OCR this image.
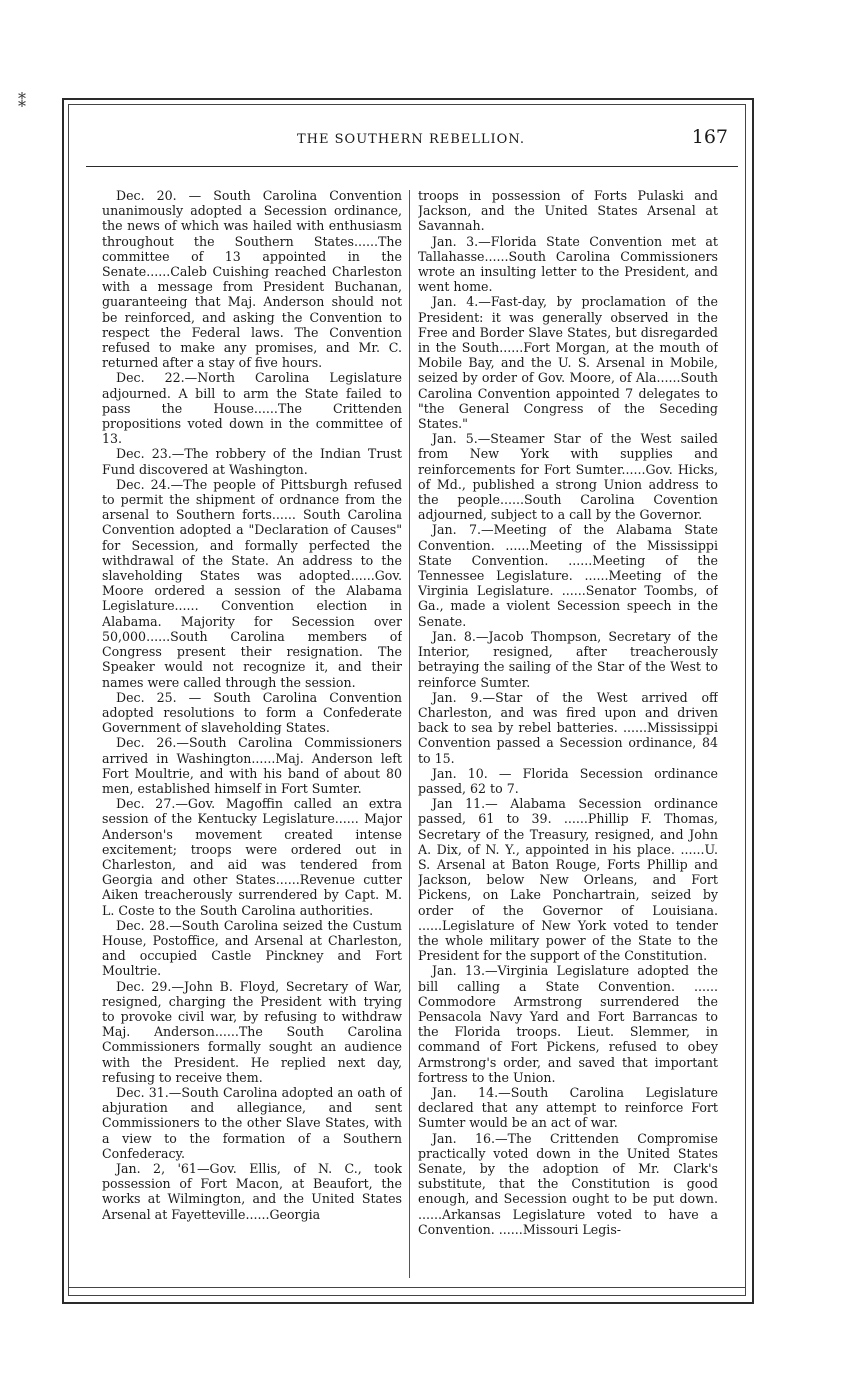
⁑
THE SOUTHERN REBELLION.	167

Dec. 20. — South Carolina Convention unanimously adopted a Secession ordinance, the news of which was hailed with enthusiasm throughout the Southern States......The committee of 13 appointed in the Senate......Caleb Cuishing reached Charleston with a message from President Buchanan, guaranteeing that Maj. Anderson should not be reinforced, and asking the Convention to respect the Federal laws. The Convention refused to make any promises, and Mr. C. returned after a stay of five hours.

Dec. 22.—North Carolina Legislature adjourned. A bill to arm the State failed to pass the House......The Crittenden propositions voted down in the committee of 13.

Dec. 23.—The robbery of the Indian Trust Fund discovered at Washington.

Dec. 24.—The people of Pittsburgh refused to permit the shipment of ordnance from the arsenal to Southern forts...... South Carolina Convention adopted a "Declaration of Causes" for Secession, and formally perfected the withdrawal of the State. An address to the slaveholding States was adopted......Gov. Moore ordered a session of the Alabama Legislature...... Convention election in Alabama. Majority for Secession over 50,000......South Carolina members of Congress present their resignation. The Speaker would not recognize it, and their names were called through the session.

Dec. 25. — South Carolina Convention adopted resolutions to form a Confederate Government of slaveholding States.

Dec. 26.—South Carolina Commissioners arrived in Washington......Maj. Anderson left Fort Moultrie, and with his band of about 80 men, established himself in Fort Sumter.

Dec. 27.—Gov. Magoffin called an extra session of the Kentucky Legislature...... Major Anderson's movement created intense excitement; troops were ordered out in Charleston, and aid was tendered from Georgia and other States......Revenue cutter Aiken treacherously surrendered by Capt. M. L. Coste to the South Carolina authorities.

Dec. 28.—South Carolina seized the Custum House, Postoffice, and Arsenal at Charleston, and occupied Castle Pinckney and Fort Moultrie.

Dec. 29.—John B. Floyd, Secretary of War, resigned, charging the President with trying to provoke civil war, by refusing to withdraw Maj. Anderson......The South Carolina Commissioners formally sought an audience with the President. He replied next day, refusing to receive them.

Dec. 31.—South Carolina adopted an oath of abjuration and allegiance, and sent Commissioners to the other Slave States, with a view to the formation of a Southern Confederacy.

Jan. 2, '61—Gov. Ellis, of N. C., took possession of Fort Macon, at Beaufort, the works at Wilmington, and the United States Arsenal at Fayetteville......Georgia

troops in possession of Forts Pulaski and Jackson, and the United States Arsenal at Savannah.

Jan. 3.—Florida State Convention met at Tallahasse......South Carolina Commissioners wrote an insulting letter to the President, and went home.

Jan. 4.—Fast-day, by proclamation of the President: it was generally observed in the Free and Border Slave States, but disregarded in the South......Fort Morgan, at the mouth of Mobile Bay, and the U. S. Arsenal in Mobile, seized by order of Gov. Moore, of Ala......South Carolina Convention appointed 7 delegates to "the General Congress of the Seceding States."

Jan. 5.—Steamer Star of the West sailed from New York with supplies and reinforcements for Fort Sumter......Gov. Hicks, of Md., published a strong Union address to the people......South Carolina Covention adjourned, subject to a call by the Governor.

Jan. 7.—Meeting of the Alabama State Convention. ......Meeting of the Mississippi State Convention. ......Meeting of the Tennessee Legislature. ......Meeting of the Virginia Legislature. ......Senator Toombs, of Ga., made a violent Secession speech in the Senate.

Jan. 8.—Jacob Thompson, Secretary of the Interior, resigned, after treacherously betraying the sailing of the Star of the West to reinforce Sumter.

Jan. 9.—Star of the West arrived off Charleston, and was fired upon and driven back to sea by rebel batteries. ......Mississippi Convention passed a Secession ordinance, 84 to 15.

Jan. 10. — Florida Secession ordinance passed, 62 to 7.

Jan 11.— Alabama Secession ordinance passed, 61 to 39. ......Phillip F. Thomas, Secretary of the Treasury, resigned, and John A. Dix, of N. Y., appointed in his place. ......U. S. Arsenal at Baton Rouge, Forts Phillip and Jackson, below New Orleans, and Fort Pickens, on Lake Ponchartrain, seized by order of the Governor of Louisiana. ......Legislature of New York voted to tender the whole military power of the State to the President for the support of the Constitution.

Jan. 13.—Virginia Legislature adopted the bill calling a State Convention. ...... Commodore Armstrong surrendered the Pensacola Navy Yard and Fort Barrancas to the Florida troops. Lieut. Slemmer, in command of Fort Pickens, refused to obey Armstrong's order, and saved that important fortress to the Union.

Jan. 14.—South Carolina Legislature declared that any attempt to reinforce Fort Sumter would be an act of war.

Jan. 16.—The Crittenden Compromise practically voted down in the United States Senate, by the adoption of Mr. Clark's substitute, that the Constitution is good enough, and Secession ought to be put down. ......Arkansas Legislature voted to have a Convention. ......Missouri Legis-
